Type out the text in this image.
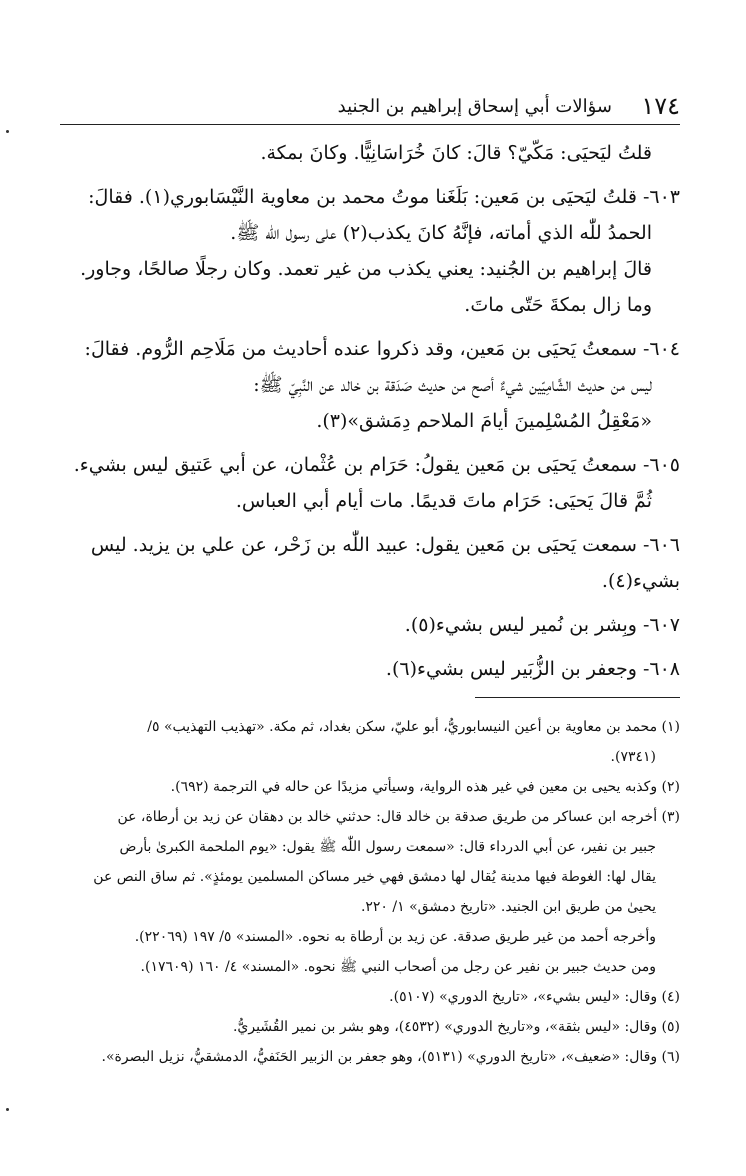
١٧٤
سؤالات أبي إسحاق إبراهيم بن الجنيد

قلتُ ليَحيَى: مَكّيّ؟ قالَ: كانَ خُرَاسَانِيًّا. وكانَ بمكة.

٦٠٣- قلتُ ليَحيَى بن مَعين: بَلَغَنا موتُ محمد بن معاوية النَّيْسَابوري(١). فقالَ:

الحمدُ للّٰه الذي أماته، فإنَّهُ كانَ يكذب(٢) على رسول اللّٰه ﷺ.

قالَ إبراهيم بن الجُنيد: يعني يكذب من غير تعمد. وكان رجلًا صالحًا، وجاور.

وما زال بمكةَ حَتّى ماتَ.

٦٠٤- سمعتُ يَحيَى بن مَعين، وقد ذكروا عنده أحاديث من مَلَاحِم الرُّوم. فقالَ:

ليس من حديث الشَّامِيّين شيءٌ أصح من حديث صَدَقة بن خالد عن النَّبِيّ ﷺ:

«مَعْقِلُ المُسْلِمينَ أيامَ الملاحم دِمَشق»(٣).

٦٠٥- سمعتُ يَحيَى بن مَعين يقولُ: حَرَام بن عُثْمان، عن أبي عَتيق ليس بشيء.

ثُمَّ قالَ يَحيَى: حَرَام ماتَ قديمًا. مات أيام أبي العباس.

٦٠٦- سمعت يَحيَى بن مَعين يقول: عبيد اللّٰه بن زَحْر، عن علي بن يزيد. ليس بشيء(٤).

٦٠٧- وبِشر بن نُمير ليس بشيء(٥).

٦٠٨- وجعفر بن الزُّبَير ليس بشيء(٦).

(١) محمد بن معاوية بن أعين النيسابوريُّ، أبو عليّ، سكن بغداد، ثم مكة. «تهذيب التهذيب» ٥/

(٧٣٤١).

(٢) وكذبه يحيى بن معين في غير هذه الرواية، وسيأتي مزيدًا عن حاله في الترجمة (٦٩٢).

(٣) أخرجه ابن عساكر من طريق صدقة بن خالد قال: حدثني خالد بن دهقان عن زيد بن أرطاة، عن

جبير بن نفير، عن أبي الدرداء قال: «سمعت رسول اللّٰه ﷺ يقول: «يوم الملحمة الكبرىٰ بأرض

يقال لها: الغوطة فيها مدينة يُقال لها دمشق فهي خير مساكن المسلمين يومئذٍ». ثم ساق النص عن

يحيىٰ من طريق ابن الجنيد. «تاريخ دمشق» ١/ ٢٢٠.

وأخرجه أحمد من غير طريق صدقة. عن زيد بن أرطاة به نحوه. «المسند» ٥/ ١٩٧ (٢٢٠٦٩).

ومن حديث جبير بن نفير عن رجل من أصحاب النبي ﷺ نحوه. «المسند» ٤/ ١٦٠ (١٧٦٠٩).

(٤) وقال: «ليس بشيء»، «تاريخ الدوري» (٥١٠٧).

(٥) وقال: «ليس بثقة»، و«تاريخ الدوري» (٤٥٣٢)، وهو بشر بن نمير القُشَيريُّ.

(٦) وقال: «ضعيف»، «تاريخ الدوري» (٥١٣١)، وهو جعفر بن الزبير الحَنَفيُّ، الدمشقيُّ، نزيل البصرة».
